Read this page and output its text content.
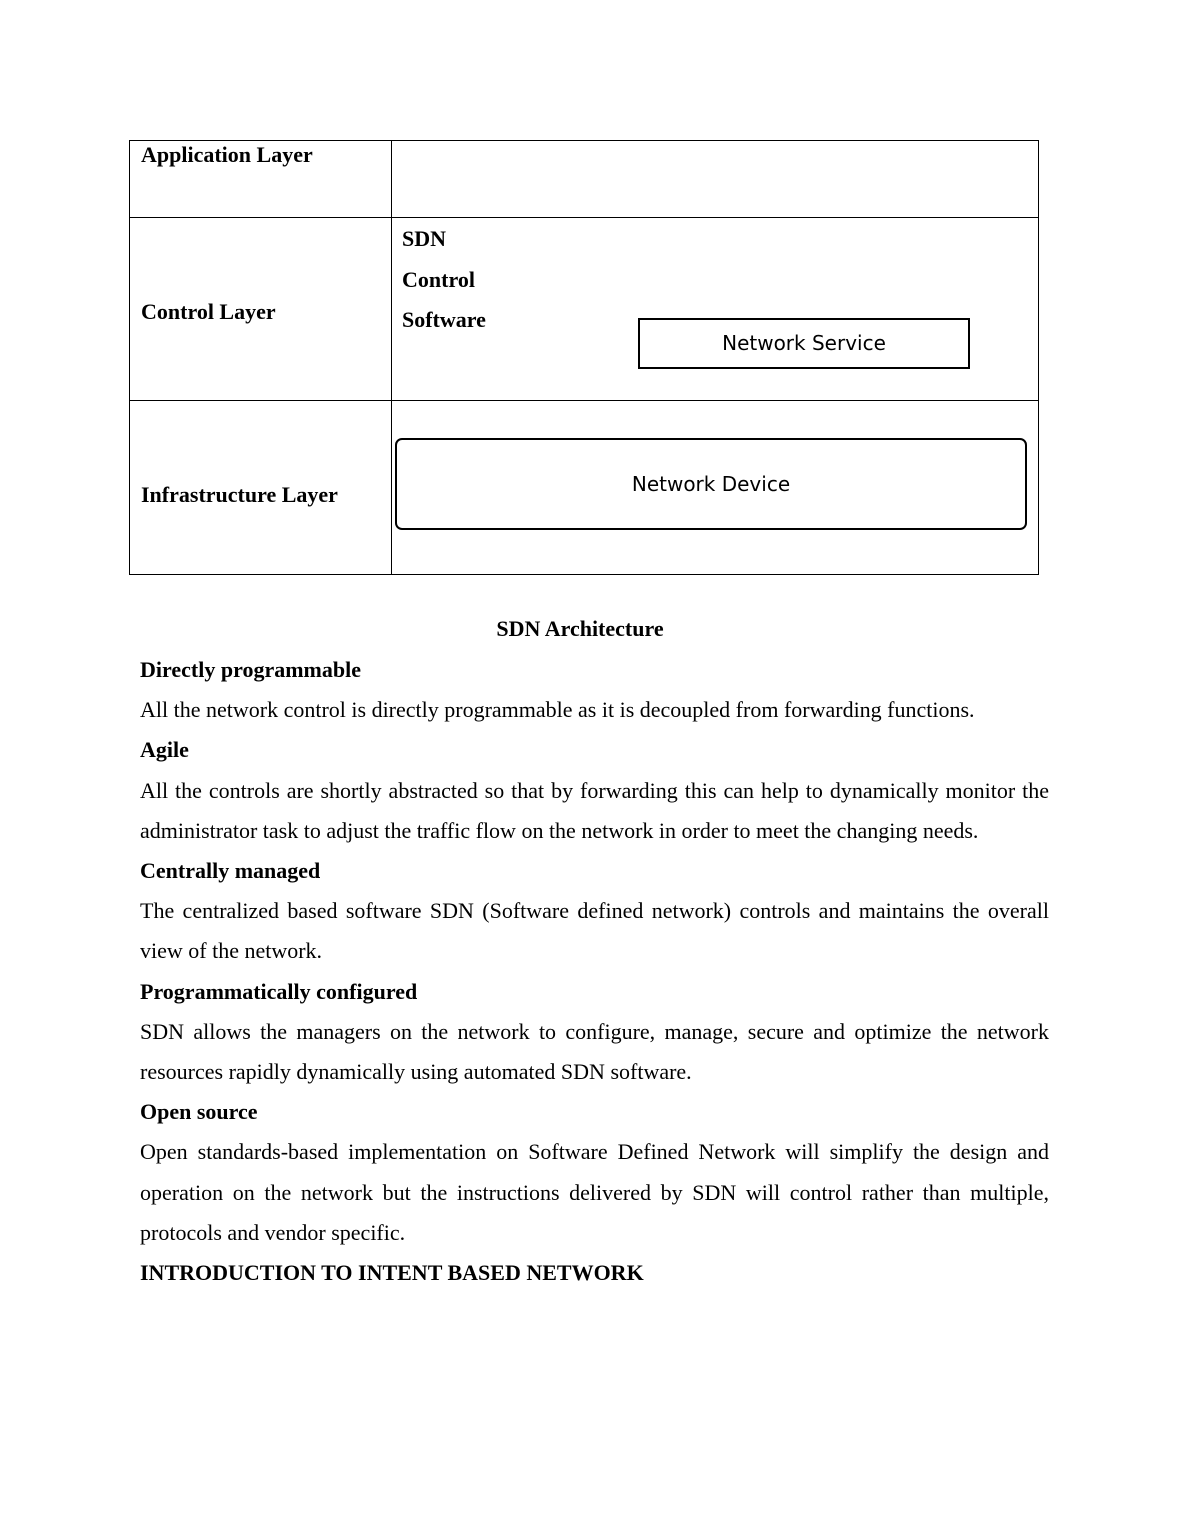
Application Layer
Control Layer
SDN
Control
Software
Network Service
Infrastructure Layer	Network Device
SDN Architecture
Directly programmable

All the network control is directly programmable as it is decoupled from forwarding functions.

Agile

All the controls are shortly abstracted so that by forwarding this can help to dynamically monitor the administrator task to adjust the traffic flow on the network in order to meet the changing needs.

Centrally managed

The centralized based software SDN (Software defined network) controls and maintains the overall view of the network.

Programmatically configured

SDN allows the managers on the network to configure, manage, secure and optimize the network resources rapidly dynamically using automated SDN software.

Open source

Open standards-based implementation on Software Defined Network will simplify the design and operation on the network but the instructions delivered by SDN will control rather than multiple, protocols and vendor specific.

INTRODUCTION TO INTENT BASED NETWORK
